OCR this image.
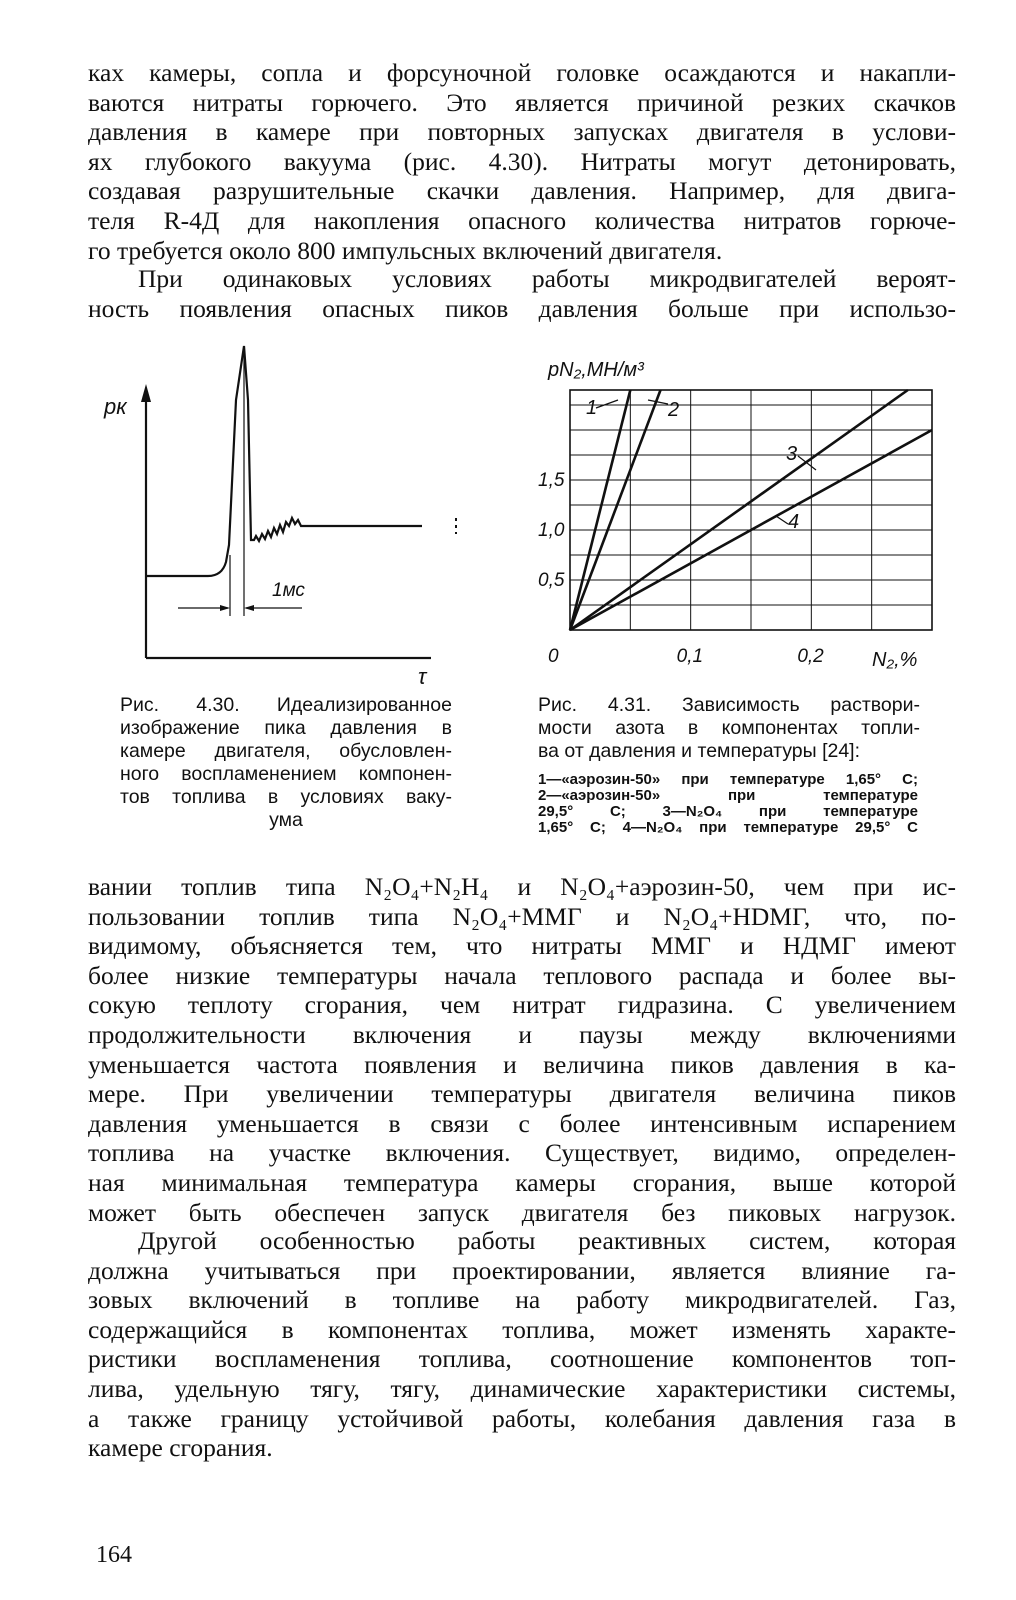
ках камеры, сопла и форсуночной головке осаждаются и накапли-
ваются нитраты горючего. Это является причиной резких скачков
давления в камере при повторных запусках двигателя в услови-
ях глубокого вакуума (рис. 4.30). Нитраты могут детонировать,
создавая разрушительные скачки давления. Например, для двига-
теля R-4Д для накопления опасного количества нитратов горюче-
го требуется около 800 импульсных включений двигателя.
При одинаковых условиях работы микродвигателей вероят-
ность появления опасных пиков давления больше при использо-
1мс
pк
τ
Рис. 4.30. Идеализированное
изображение пика давления в
камере двигателя, обусловлен-
ного воспламенением компонен-
тов топлива в условиях ваку-
ума
1,5
1,0
0,5
0	0,1	0,2
pN₂,МН/м³
N₂,%
1	2
3
4
Рис. 4.31. Зависимость раствори-
мости азота в компонентах топли-
ва от давления и температуры [24]:
1—«аэрозин-50» при температуре 1,65° С;
2—«аэрозин-50» при температуре
29,5° С; 3—N₂O₄ при температуре
1,65° С; 4—N₂O₄ при температуре 29,5° С
вании топлив типа N₂O₄+N₂H₄ и N₂O₄+аэрозин-50, чем при ис-
пользовании топлив типа N₂O₄+ММГ и N₂O₄+НDМГ, что, по-
видимому, объясняется тем, что нитраты ММГ и НДМГ имеют
более низкие температуры начала теплового распада и более вы-
сокую теплоту сгорания, чем нитрат гидразина. С увеличением
продолжительности включения и паузы между включениями
уменьшается частота появления и величина пиков давления в ка-
мере. При увеличении температуры двигателя величина пиков
давления уменьшается в связи с более интенсивным испарением
топлива на участке включения. Существует, видимо, определен-
ная минимальная температура камеры сгорания, выше которой
может быть обеспечен запуск двигателя без пиковых нагрузок.
Другой особенностью работы реактивных систем, которая
должна учитываться при проектировании, является влияние га-
зовых включений в топливе на работу микродвигателей. Газ,
содержащийся в компонентах топлива, может изменять характе-
ристики воспламенения топлива, соотношение компонентов топ-
лива, удельную тягу, тягу, динамические характеристики системы,
а также границу устойчивой работы, колебания давления газа в
камере сгорания.
164
